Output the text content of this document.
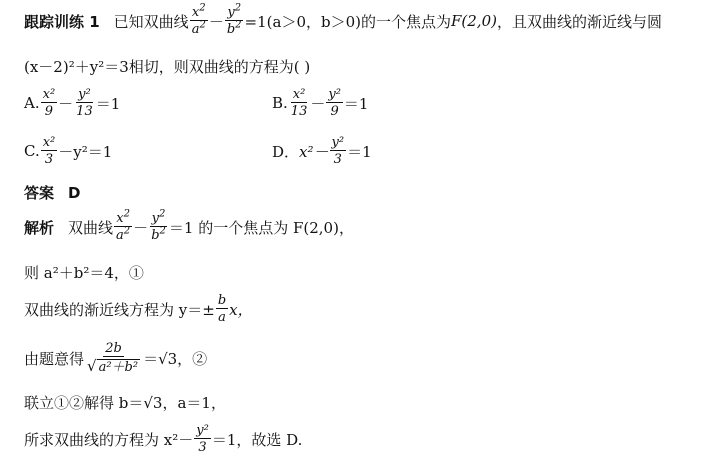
跟踪训练 1 已知双曲线 $\frac{x^2}{a^2} - \frac{y^2}{b^2} =1(a>0$，b＞0)的一个焦点为 F(2,0) ，且双曲线的渐近线与圆
(x－2)²＋y²＝3 相切，则双曲线的方程为( )
A. $\frac{\text{x²}}{9} - \frac{\text{y²}}{13} =1$	B. $\frac{\text{x²}}{13} - \frac{\text{y²}}{9} =1$
C. $\frac{\text{x²}}{3} -y^2=1$	D． $x^2- \frac{\text{y²}}{3} =1$
答案 D
解析 双曲线 $\frac{x^2}{a^2} - \frac{y^2}{b^2} =1$ 的一个焦点为 F(2,0)，
则 a²＋b²＝4，①
双曲线的渐近线方程为 $y=\pm \frac{b}{a}$ x，
由题意得 $\frac{2b}{\text{√ a²＋b²}} =√3$，②
联立①②解得 b＝√3，a＝1，
所求双曲线的方程为 $x^2- \frac{\text{y²}}{3} =1$，故选 D.
